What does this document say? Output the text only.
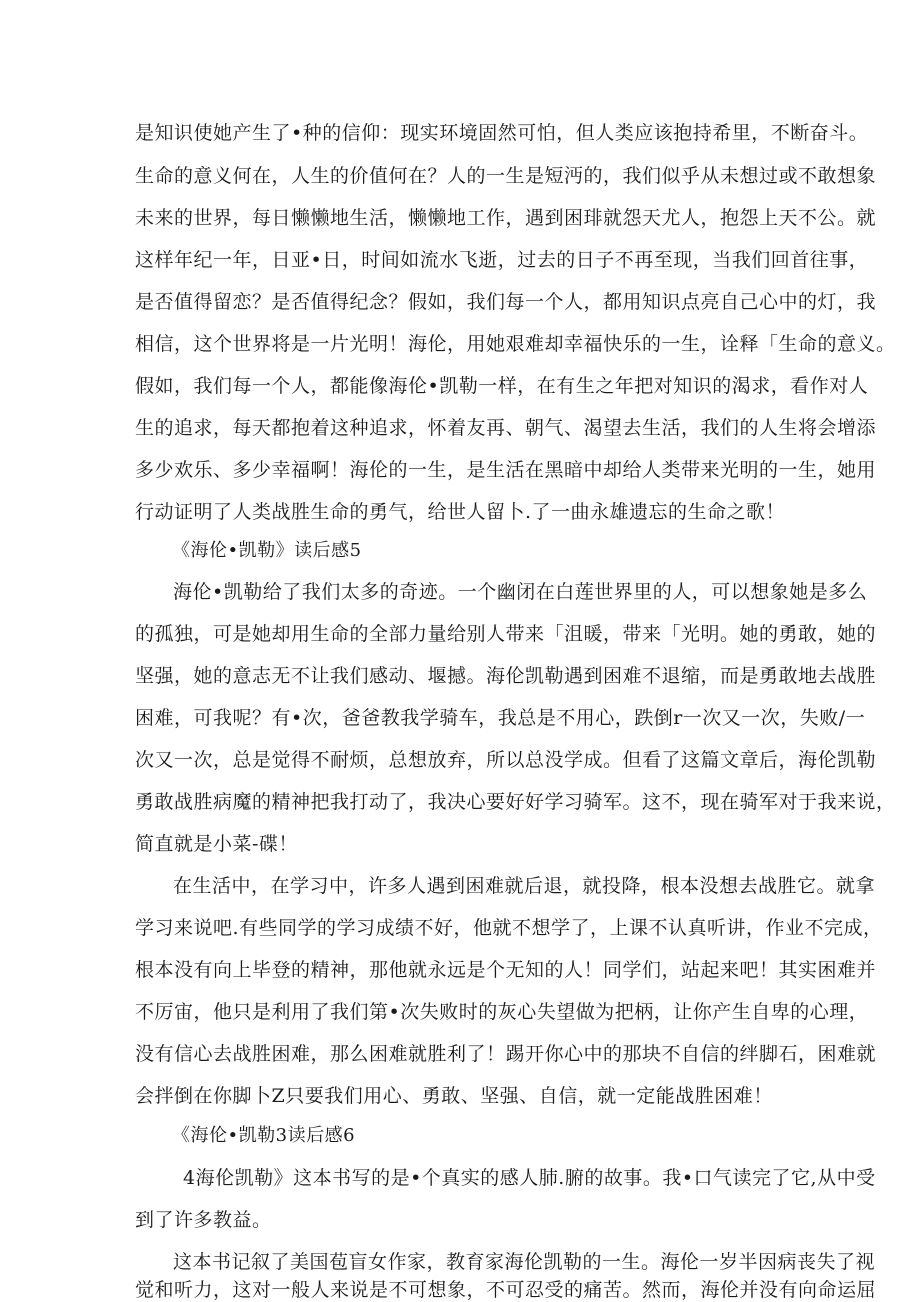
是知识使她产生了•种的信仰：现实环境固然可怕，但人类应该抱持希里，不断奋斗。
生命的意义何在，人生的价值何在？人的一生是短沔的，我们似乎从未想过或不敢想象
未来的世界，每日懒懒地生活，懒懒地工作，遇到困琲就怨天尤人，抱怨上天不公。就
这样年纪一年，日亚•日，时间如流水飞逝，过去的日子不再至现，当我们回首往事，
是否值得留恋？是否值得纪念？假如，我们每一个人，都用知识点亮自己心中的灯，我
相信，这个世界将是一片光明！海伦，用她艰难却幸福快乐的一生，诠释「生命的意义。
假如，我们每一个人，都能像海伦•凯勒一样，在有生之年把对知识的渴求，看作对人
生的追求，每天都抱着这种追求，怀着友再、朝气、渴望去生活，我们的人生将会增添
多少欢乐、多少幸福啊！海伦的一生，是生活在黑暗中却给人类带来光明的一生，她用
行动证明了人类战胜生命的勇气，给世人留卜.了一曲永雄遗忘的生命之歌！
《海伦•凯勒》读后感5
海伦•凯勒给了我们太多的奇迹。一个幽闭在白莲世界里的人，可以想象她是多么
的孤独，可是她却用生命的全部力量给别人带来「沮暖，带来「光明。她的勇敢，她的
坚强，她的意志无不让我们感动、堰撼。海伦凯勒遇到困难不退缩，而是勇敢地去战胜
困难，可我呢？有•次，爸爸教我学骑车，我总是不用心，跌倒r一次又一次，失败/一
次又一次，总是觉得不耐烦，总想放弃，所以总没学成。但看了这篇文章后，海伦凯勒
勇敢战胜病魔的精神把我打动了，我决心要好好学习骑军。这不，现在骑军对于我来说，
简直就是小菜-碟！
在生活中，在学习中，许多人遇到困难就后退，就投降，根本没想去战胜它。就拿
学习来说吧.有些同学的学习成绩不好，他就不想学了，上课不认真听讲，作业不完成，
根本没有向上毕登的精神，那他就永远是个无知的人！同学们，站起来吧！其实困难并
不厉宙，他只是利用了我们第•次失败时的灰心失望做为把柄，让你产生自卑的心理，
没有信心去战胜困难，那么困难就胜利了！踢开你心中的那块不自信的绊脚石，困难就
会拌倒在你脚卜Z只要我们用心、勇敢、坚强、自信，就一定能战胜困难！
《海伦•凯勒3读后感6
4海伦凯勒》这本书写的是•个真实的感人肺.腑的故事。我•口气读完了它,从中受
到了许多教益。
这本书记叙了美国苞盲女作家，教育家海伦凯勒的一生。海伦一岁半因病丧失了视
觉和听力，这对一般人来说是不可想象，不可忍受的痛苦。然而，海伦并没有向命运屈
